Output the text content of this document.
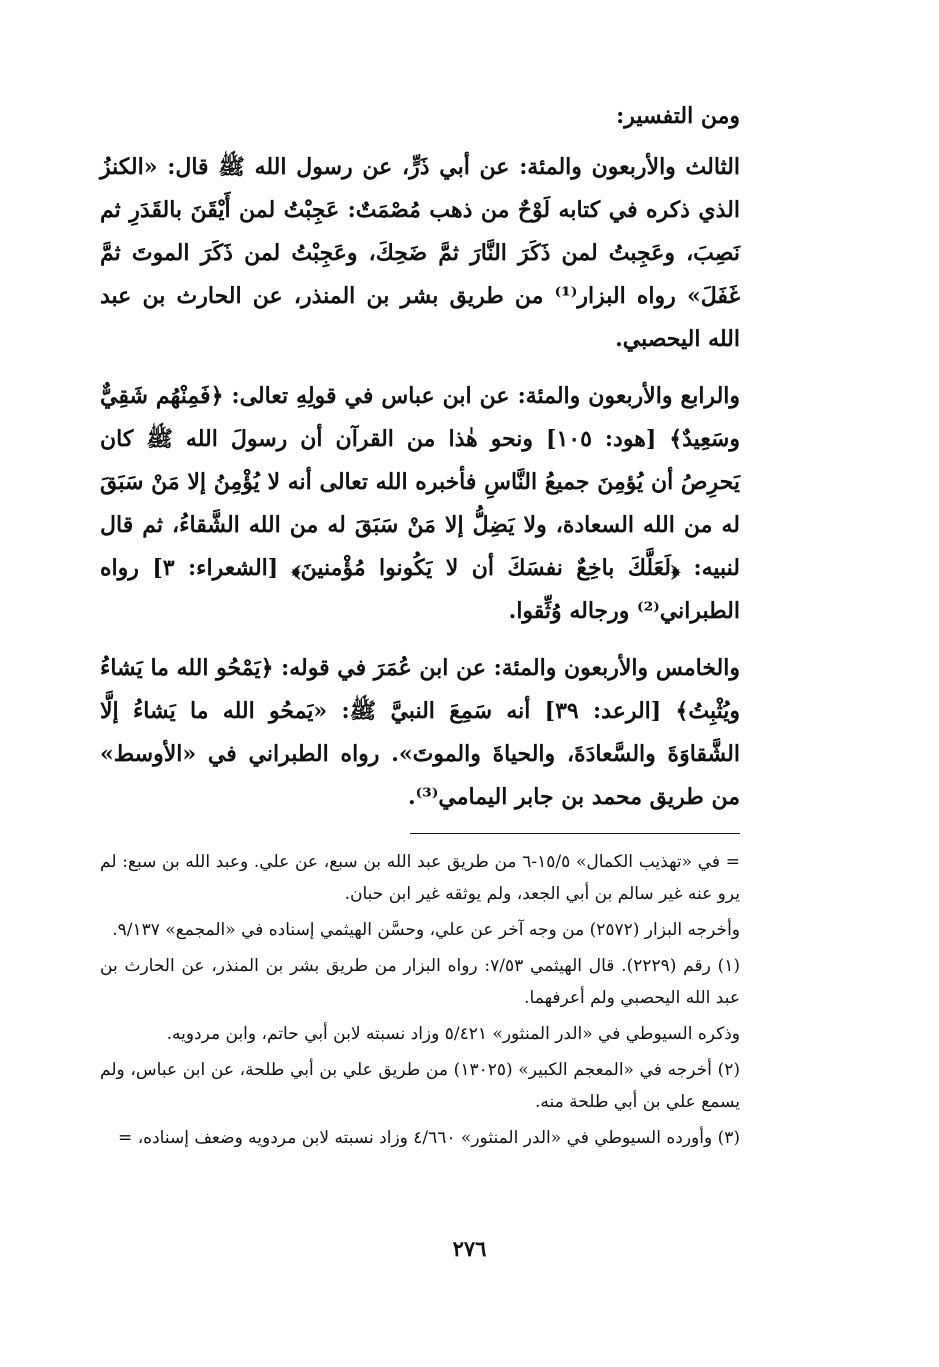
ومن التفسير:

الثالث والأربعون والمئة: عن أبي ذَرٍّ، عن رسول الله ﷺ قال: «الكنزُ الذي ذكره في كتابه لَوْحٌ من ذهب مُصْمَتٌ: عَجِبْتُ لمن أَيْقَنَ بالقَدَرِ ثم نَصِبَ، وعَجِبتُ لمن ذَكَرَ النَّارَ ثمَّ ضَحِكَ، وعَجِبْتُ لمن ذَكَرَ الموتَ ثمَّ غَفَلَ» رواه البزار⁽¹⁾ من طريق بشر بن المنذر، عن الحارث بن عبد الله اليحصبي.

والرابع والأربعون والمئة: عن ابن عباس في قولِهِ تعالى: ﴿فَمِنْهُم شَقِيٌّ وسَعِيدٌ﴾ [هود: ١٠٥] ونحو هٰذا من القرآن أن رسولَ الله ﷺ كان يَحرِصُ أن يُؤمِنَ جميعُ النَّاسِ فأخبره الله تعالى أنه لا يُؤْمِنُ إلا مَنْ سَبَقَ له من الله السعادة، ولا يَضِلُّ إلا مَنْ سَبَقَ له من الله الشَّقاءُ، ثم قال لنبيه: ﴿لَعَلَّكَ باخِعٌ نفسَكَ أن لا يَكُونوا مُؤْمنينَ﴾ [الشعراء: ٣] رواه الطبراني⁽²⁾ ورجاله وُثِّقوا.

والخامس والأربعون والمئة: عن ابن عُمَرَ في قوله: ﴿يَمْحُو الله ما يَشاءُ ويُثْبِتُ﴾ [الرعد: ٣٩] أنه سَمِعَ النبيَّ ﷺ: «يَمحُو الله ما يَشاءُ إلَّا الشَّقاوَةَ والسَّعادَةَ، والحياةَ والموتَ». رواه الطبراني في «الأوسط» من طريق محمد بن جابر اليمامي⁽³⁾.

= في «تهذيب الكمال» ١٥/٥-٦ من طريق عبد الله بن سبع، عن علي. وعبد الله بن سبع: لم يرو عنه غير سالم بن أبي الجعد، ولم يوثقه غير ابن حبان.

وأخرجه البزار (٢٥٧٢) من وجه آخر عن علي، وحسَّن الهيثمي إسناده في «المجمع» ٩/١٣٧.

(١) رقم (٢٢٢٩). قال الهيثمي ٧/٥٣: رواه البزار من طريق بشر بن المنذر، عن الحارث بن عبد الله اليحصبي ولم أعرفهما.

وذكره السيوطي في «الدر المنثور» ٥/٤٢١ وزاد نسبته لابن أبي حاتم، وابن مردويه.

(٢) أخرجه في «المعجم الكبير» (١٣٠٢٥) من طريق علي بن أبي طلحة، عن ابن عباس، ولم يسمع علي بن أبي طلحة منه.

(٣) وأورده السيوطي في «الدر المنثور» ٤/٦٦٠ وزاد نسبته لابن مردويه وضعف إسناده، =

٢٧٦
